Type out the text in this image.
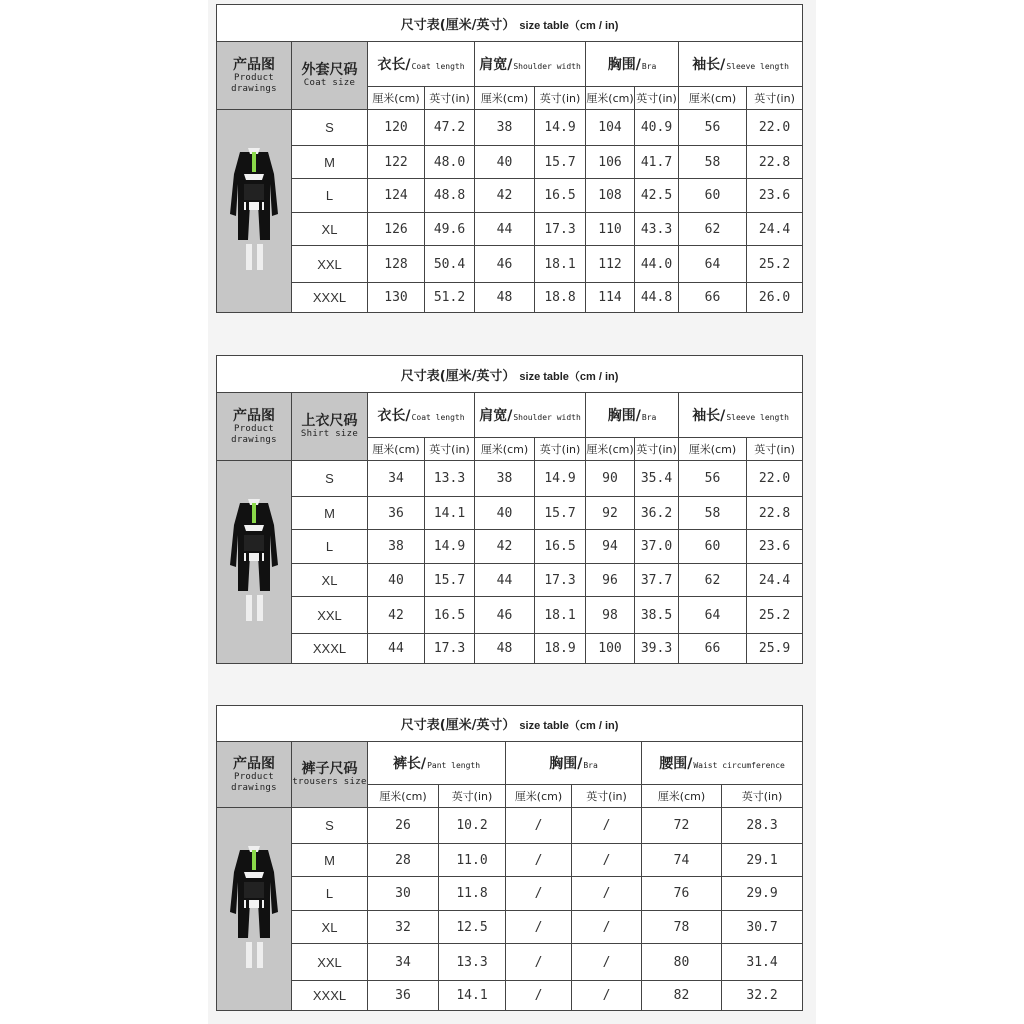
尺寸表(厘米/英寸） size table（cm / in)									

产品图
Product
drawings	外套尺码
Coat size	衣长/Coat length		肩宽/Shoulder width		胸围/Bra		袖长/Sleeve length	
		厘米(cm)	英寸(in)	厘米(cm)	英寸(in)	厘米(cm)	英寸(in)	厘米(cm)	英寸(in)
	S	120	47.2	38	14.9	104	40.9	56	22.0
	M	122	48.0	40	15.7	106	41.7	58	22.8
	L	124	48.8	42	16.5	108	42.5	60	23.6
	XL	126	49.6	44	17.3	110	43.3	62	24.4
	XXL	128	50.4	46	18.1	112	44.0	64	25.2
	XXXL	130	51.2	48	18.8	114	44.8	66	26.0
尺寸表(厘米/英寸） size table（cm / in)									

产品图
Product
drawings	上衣尺码
Shirt size	衣长/Coat length		肩宽/Shoulder width		胸围/Bra		袖长/Sleeve length	
		厘米(cm)	英寸(in)	厘米(cm)	英寸(in)	厘米(cm)	英寸(in)	厘米(cm)	英寸(in)
	S	34	13.3	38	14.9	90	35.4	56	22.0
	M	36	14.1	40	15.7	92	36.2	58	22.8
	L	38	14.9	42	16.5	94	37.0	60	23.6
	XL	40	15.7	44	17.3	96	37.7	62	24.4
	XXL	42	16.5	46	18.1	98	38.5	64	25.2
	XXXL	44	17.3	48	18.9	100	39.3	66	25.9
尺寸表(厘米/英寸） size table（cm / in)							

产品图
Product
drawings	裤子尺码
trousers size	裤长/Pant length		胸围/Bra		腰围/Waist circumference	
		厘米(cm)	英寸(in)	厘米(cm)	英寸(in)	厘米(cm)	英寸(in)
	S	26	10.2	/	/	72	28.3
	M	28	11.0	/	/	74	29.1
	L	30	11.8	/	/	76	29.9
	XL	32	12.5	/	/	78	30.7
	XXL	34	13.3	/	/	80	31.4
	XXXL	36	14.1	/	/	82	32.2
